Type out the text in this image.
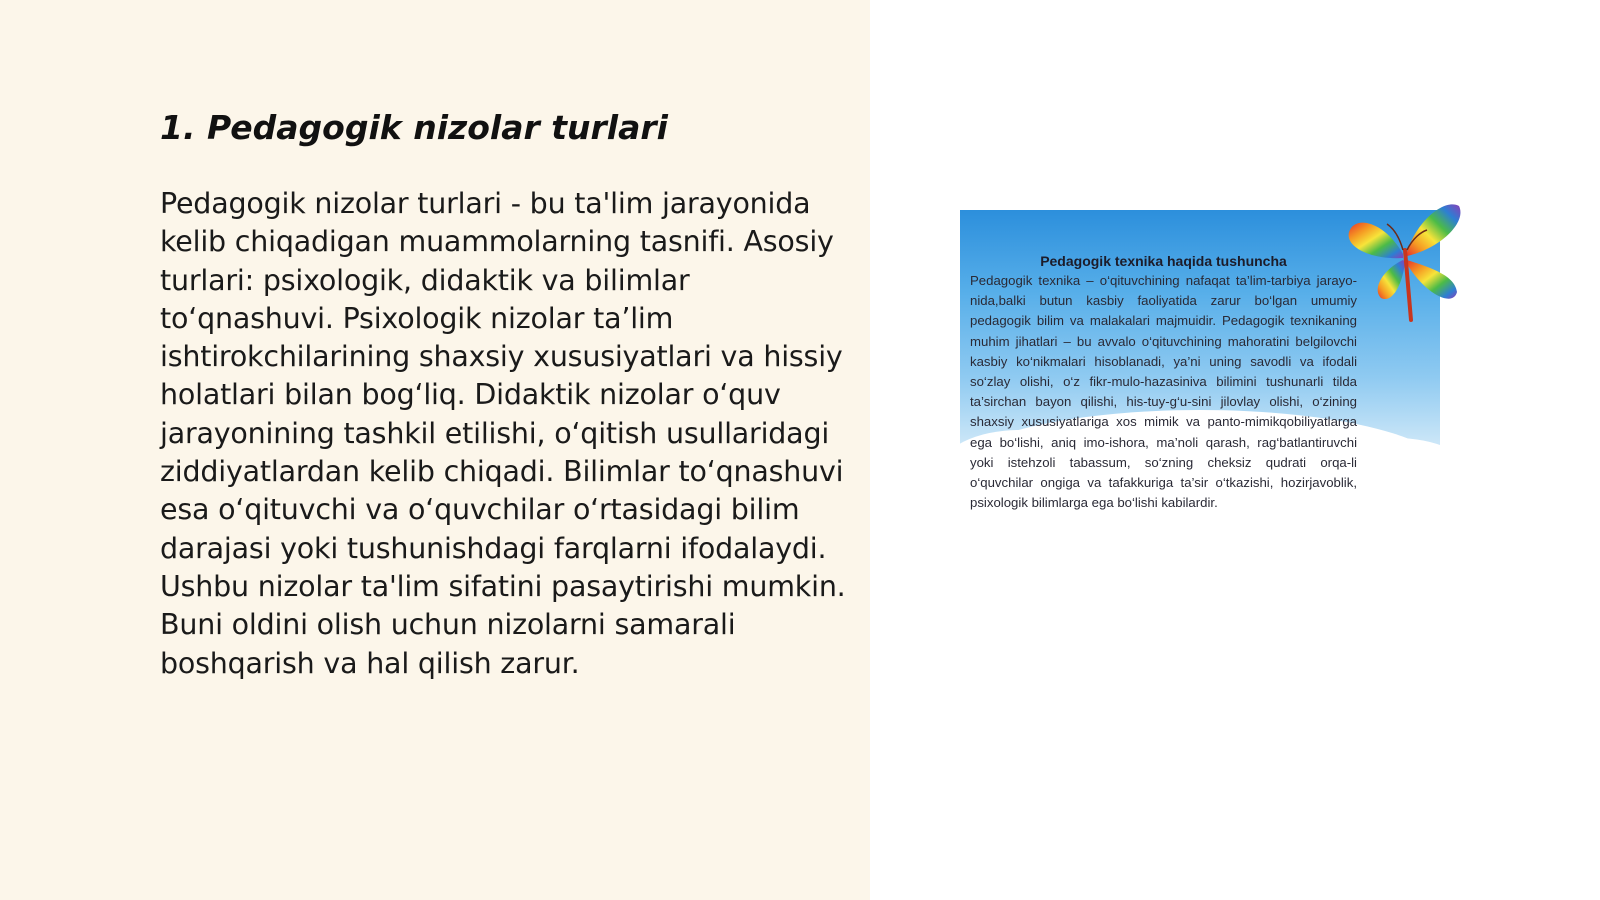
1. Pedagogik nizolar turlari

Pedagogik nizolar turlari - bu ta'lim jarayonida kelib chiqadigan muammolarning tasnifi. Asosiy turlari: psixologik, didaktik va bilimlar to‘qnashuvi. Psixologik nizolar ta’lim ishtirokchilarining shaxsiy xususiyatlari va hissiy holatlari bilan bog‘liq. Didaktik nizolar o‘quv jarayonining tashkil etilishi, o‘qitish usullaridagi ziddiyatlardan kelib chiqadi. Bilimlar to‘qnashuvi esa o‘qituvchi va o‘quvchilar o‘rtasidagi bilim darajasi yoki tushunishdagi farqlarni ifodalaydi. Ushbu nizolar ta'lim sifatini pasaytirishi mumkin. Buni oldini olish uchun nizolarni samarali boshqarish va hal qilish zarur.

Pedagogik texnika haqida tushuncha

Pedagogik texnika – o‘qituvchining nafaqat ta’lim-tarbiya jarayo-nida,balki butun kasbiy faoliyatida zarur bo‘lgan umumiy pedagogik bilim va malakalari majmuidir. Pedagogik texnikaning muhim jihatlari – bu avvalo o‘qituvchining mahoratini belgilovchi kasbiy ko‘nikmalari hisoblanadi, ya’ni uning savodli va ifodali so‘zlay olishi, o‘z fikr-mulo-hazasiniva bilimini tushunarli tilda ta’sirchan bayon qilishi, his-tuy-g‘u-sini jilovlay olishi, o‘zining shaxsiy xususiyatlariga xos mimik va panto-mimikqobiliyatlarga ega bo‘lishi, aniq imo-ishora, ma’noli qarash, rag‘batlantiruvchi yoki istehzoli tabassum, so‘zning cheksiz qudrati orqa-li o‘quvchilar ongiga va tafakkuriga ta’sir o‘tkazishi, hozirjavoblik, psixologik bilimlarga ega bo‘lishi kabilardir.
